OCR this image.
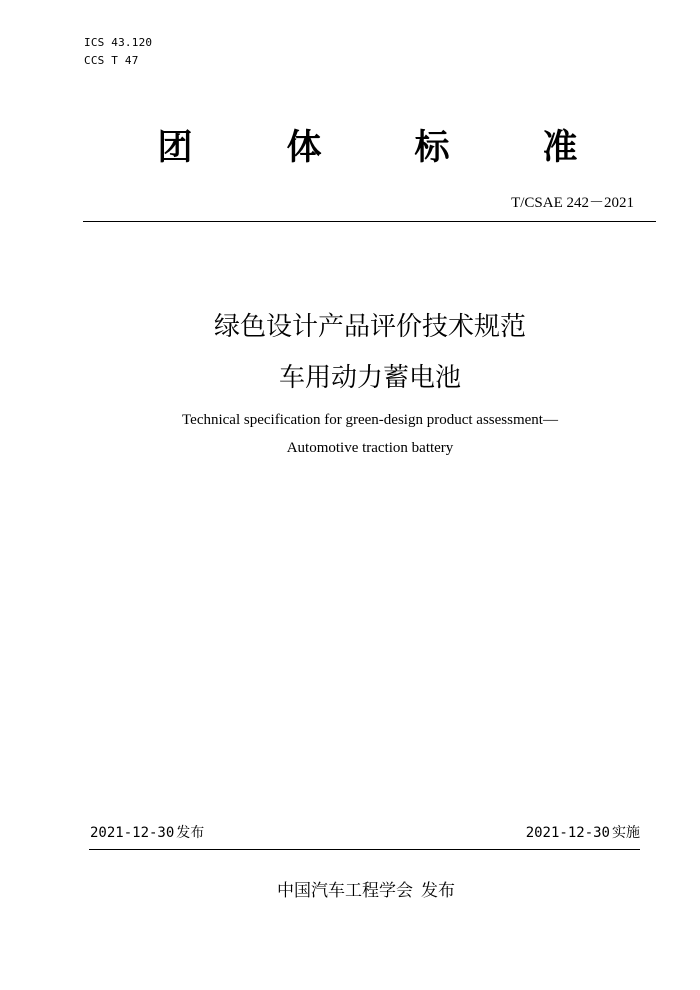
ICS 43.120
CCS T 47
团	体	标	准
T/CSAE 242－2021
绿色设计产品评价技术规范
车用动力蓄电池
Technical specification for green-design product assessment—
Automotive traction battery
2021-12-30 发布	2021-12-30 实施
中国汽车工程学会 发布
